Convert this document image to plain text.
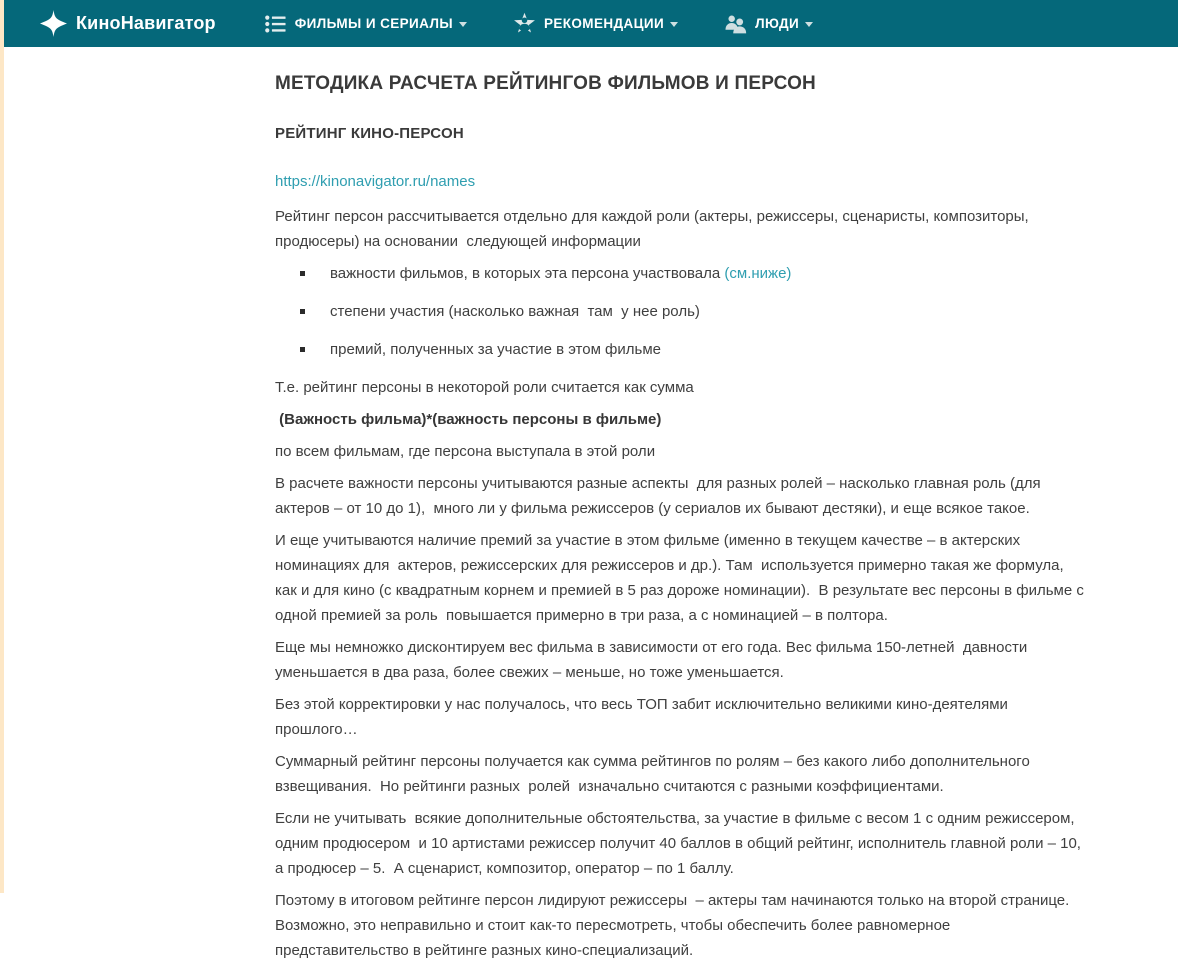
КиноНавигатор	ФИЛЬМЫ И СЕРИАЛЫ	РЕКОМЕНДАЦИИ	ЛЮДИ
МЕТОДИКА РАСЧЕТА РЕЙТИНГОВ ФИЛЬМОВ И ПЕРСОН
РЕЙТИНГ КИНО-ПЕРСОН
https://kinonavigator.ru/names

Рейтинг персон рассчитывается отдельно для каждой роли (актеры, режиссеры, сценаристы, композиторы, продюсеры) на основании  следующей информации

важности фильмов, в которых эта персона участвовала (см.ниже)
степени участия (насколько важная  там  у нее роль)
премий, полученных за участие в этом фильме

Т.е. рейтинг персоны в некоторой роли считается как сумма

(Важность фильма)*(важность персоны в фильме)

по всем фильмам, где персона выступала в этой роли

В расчете важности персоны учитываются разные аспекты  для разных ролей – насколько главная роль (для актеров – от 10 до 1),  много ли у фильма режиссеров (у сериалов их бывают дестяки), и еще всякое такое.

И еще учитываются наличие премий за участие в этом фильме (именно в текущем качестве – в актерских номинациях для  актеров, режиссерских для режиссеров и др.). Там  используется примерно такая же формула, как и для кино (с квадратным корнем и премией в 5 раз дороже номинации).  В результате вес персоны в фильме с одной премией за роль  повышается примерно в три раза, а с номинацией – в полтора.

Еще мы немножко дисконтируем вес фильма в зависимости от его года. Вес фильма 150-летней  давности уменьшается в два раза, более свежих – меньше, но тоже уменьшается.

Без этой корректировки у нас получалось, что весь ТОП забит исключительно великими кино-деятелями прошлого…

Суммарный рейтинг персоны получается как сумма рейтингов по ролям – без какого либо дополнительного взвещивания.  Но рейтинги разных  ролей  изначально считаются с разными коэффициентами.

Если не учитывать  всякие дополнительные обстоятельства, за участие в фильме с весом 1 с одним режиссером, одним продюсером  и 10 артистами режиссер получит 40 баллов в общий рейтинг, исполнитель главной роли – 10,  а продюсер – 5.  А сценарист, композитор, оператор – по 1 баллу.

Поэтому в итоговом рейтинге персон лидируют режиссеры  – актеры там начинаются только на второй странице.   Возможно, это неправильно и стоит как-то пересмотреть, чтобы обеспечить более равномерное представительство в рейтинге разных кино-специализаций.
